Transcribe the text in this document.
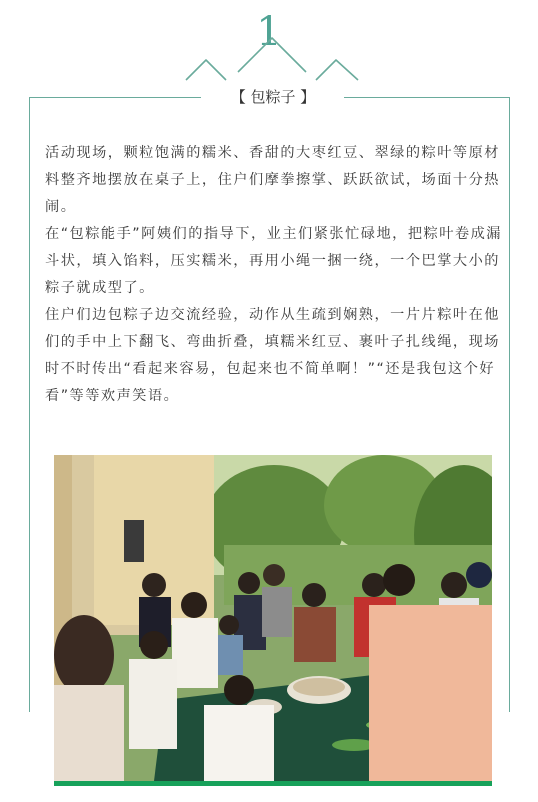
1
【 包粽子 】

活动现场，颗粒饱满的糯米、香甜的大枣红豆、翠绿的粽叶等原材料整齐地摆放在桌子上，住户们摩拳擦掌、跃跃欲试，场面十分热闹。

在“包粽能手”阿姨们的指导下，业主们紧张忙碌地，把粽叶卷成漏斗状，填入馅料，压实糯米，再用小绳一捆一绕，一个巴掌大小的粽子就成型了。

住户们边包粽子边交流经验，动作从生疏到娴熟，一片片粽叶在他们的手中上下翻飞、弯曲折叠，填糯米红豆、裹叶子扎线绳，现场时不时传出“看起来容易，包起来也不简单啊！”“还是我包这个好看”等等欢声笑语。
